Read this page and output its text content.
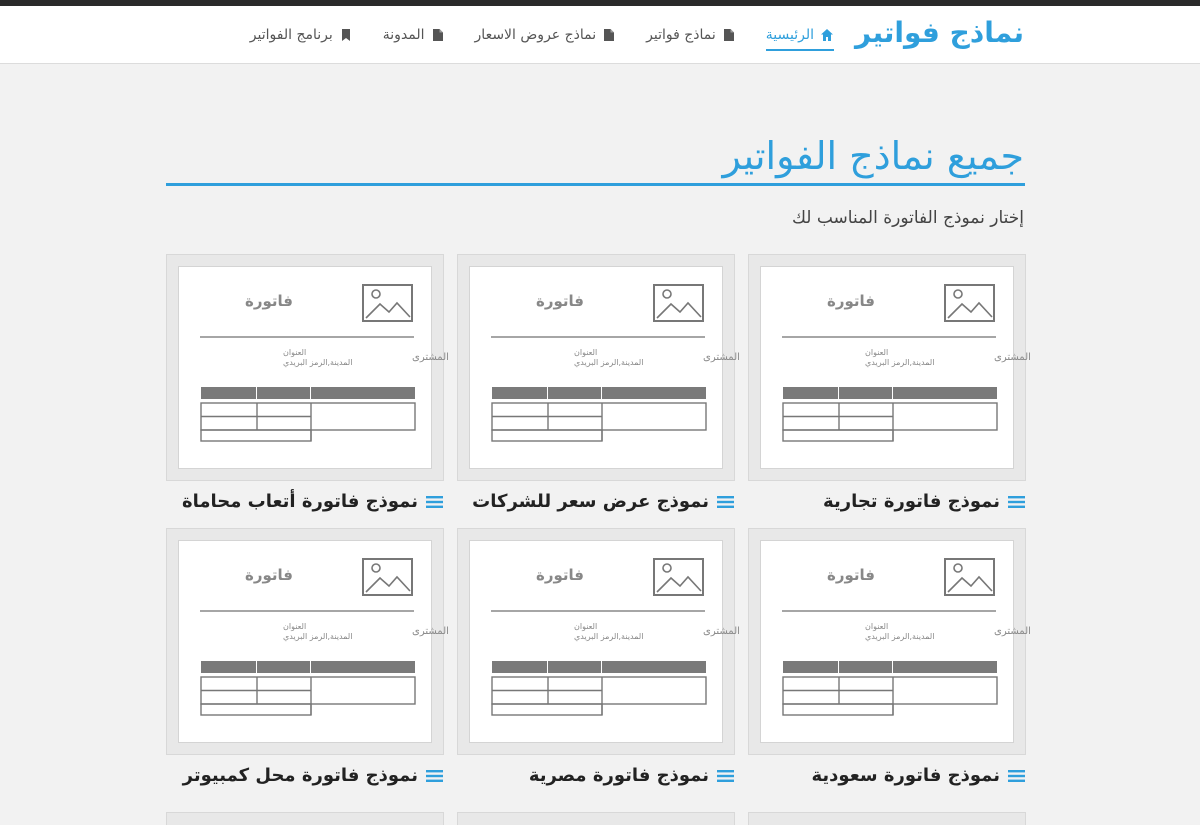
نماذج فواتير
الرئيسية
نماذج فواتير
نماذج عروض الاسعار
المدونة
برنامج الفواتير
جميع نماذج الفواتير

إختار نموذج الفاتورة المناسب لك

فاتورة
المشترى
العنوان
المدينة,الرمز البريدي
فاتورة
المشترى
العنوان
المدينة,الرمز البريدي
فاتورة
المشترى
العنوان
المدينة,الرمز البريدي
نموذج فاتورة تجارية
نموذج عرض سعر للشركات
نموذج فاتورة أتعاب محاماة
فاتورة
المشترى
العنوان
المدينة,الرمز البريدي
فاتورة
المشترى
العنوان
المدينة,الرمز البريدي
فاتورة
المشترى
العنوان
المدينة,الرمز البريدي
نموذج فاتورة سعودية
نموذج فاتورة مصرية
نموذج فاتورة محل كمبيوتر
